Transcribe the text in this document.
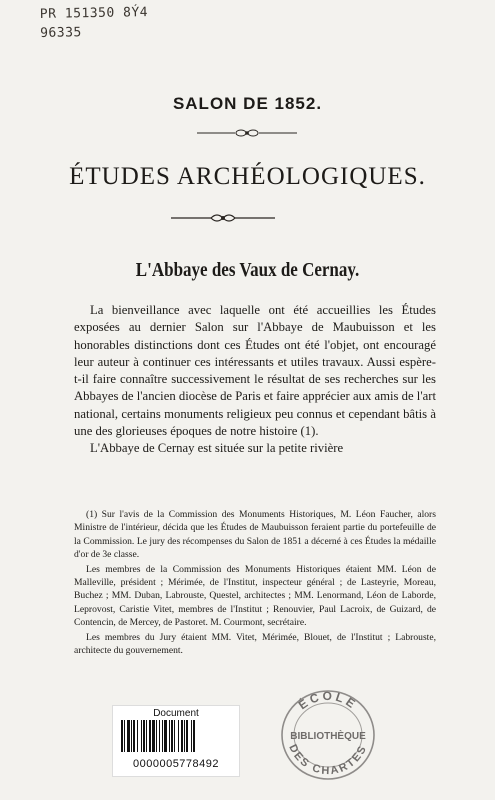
PR 151350 8Ý4
96335
SALON DE 1852.
ÉTUDES ARCHÉOLOGIQUES.
L'Abbaye des Vaux de Cernay.

La bienveillance avec laquelle ont été accueillies les Études exposées au dernier Salon sur l'Abbaye de Maubuisson et les honorables distinctions dont ces Études ont été l'objet, ont encouragé leur auteur à continuer ces intéressants et utiles travaux. Aussi espère-t-il faire connaître successivement le résultat de ses recherches sur les Abbayes de l'ancien diocèse de Paris et faire apprécier aux amis de l'art national, certains monuments religieux peu connus et cependant bâtis à une des glorieuses époques de notre histoire (1).

L'Abbaye de Cernay est située sur la petite rivière

(1) Sur l'avis de la Commission des Monuments Historiques, M. Léon Faucher, alors Ministre de l'intérieur, décida que les Études de Maubuisson feraient partie du portefeuille de la Commission. Le jury des récompenses du Salon de 1851 a décerné à ces Études la médaille d'or de 3e classe.

Les membres de la Commission des Monuments Historiques étaient MM. Léon de Malleville, président ; Mérimée, de l'Institut, inspecteur général ; de Lasteyrie, Moreau, Buchez ; MM. Duban, Labrouste, Questel, architectes ; MM. Lenormand, Léon de Laborde, Leprovost, Caristie Vitet, membres de l'Institut ; Renouvier, Paul Lacroix, de Guizard, de Contencin, de Mercey, de Pastoret. M. Courmont, secrétaire.

Les membres du Jury étaient MM. Vitet, Mérimée, Blouet, de l'Institut ; Labrouste, architecte du gouvernement.

Document
0000005778492
ÉCOLE
BIBLIOTHÈQUE
DES CHARTES
